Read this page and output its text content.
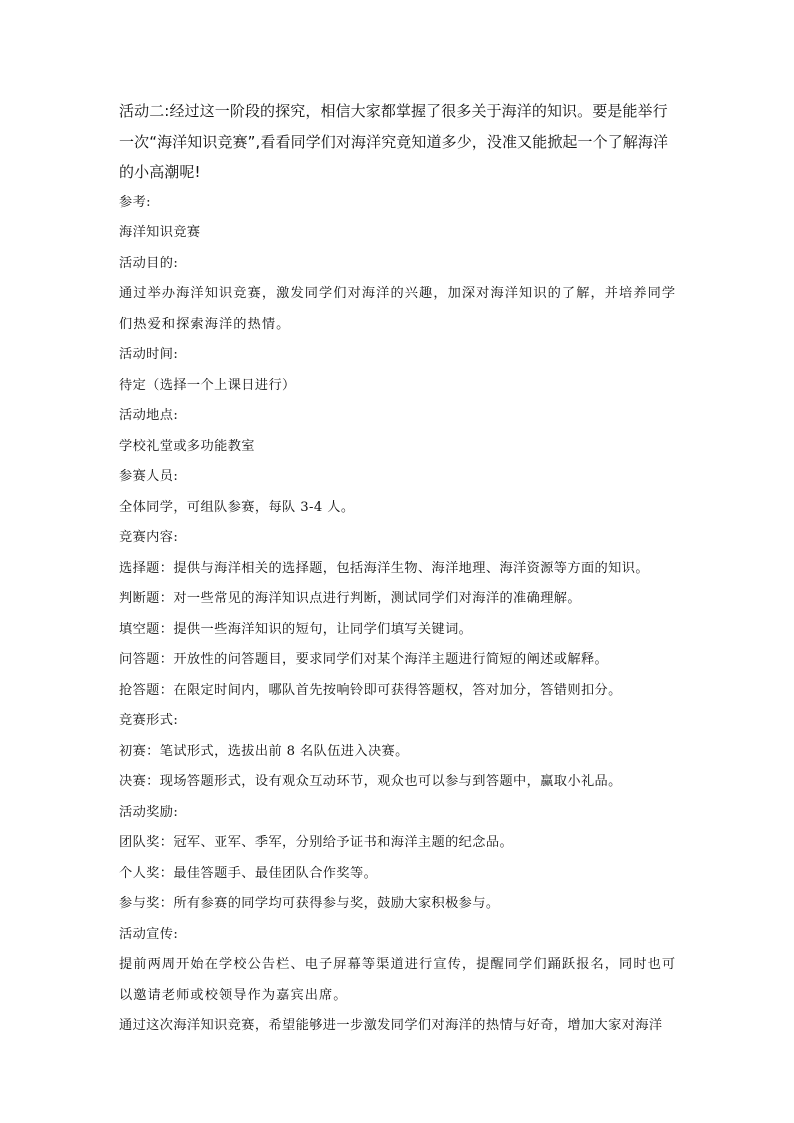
活动二:经过这一阶段的探究，相信大家都掌握了很多关于海洋的知识。要是能举行一次“海洋知识竞赛”,看看同学们对海洋究竟知道多少，没准又能掀起一个了解海洋的小高潮呢!

参考:

海洋知识竞赛

活动目的:

通过举办海洋知识竞赛，激发同学们对海洋的兴趣，加深对海洋知识的了解，并培养同学们热爱和探索海洋的热情。

活动时间:

待定（选择一个上课日进行）

活动地点:

学校礼堂或多功能教室

参赛人员:

全体同学，可组队参赛，每队 3-4 人。

竞赛内容:

选择题：提供与海洋相关的选择题，包括海洋生物、海洋地理、海洋资源等方面的知识。

判断题：对一些常见的海洋知识点进行判断，测试同学们对海洋的准确理解。

填空题：提供一些海洋知识的短句，让同学们填写关键词。

问答题：开放性的问答题目，要求同学们对某个海洋主题进行简短的阐述或解释。

抢答题：在限定时间内，哪队首先按响铃即可获得答题权，答对加分，答错则扣分。

竞赛形式:

初赛：笔试形式，选拔出前 8 名队伍进入决赛。

决赛：现场答题形式，设有观众互动环节，观众也可以参与到答题中，赢取小礼品。

活动奖励:

团队奖：冠军、亚军、季军，分别给予证书和海洋主题的纪念品。

个人奖：最佳答题手、最佳团队合作奖等。

参与奖：所有参赛的同学均可获得参与奖，鼓励大家积极参与。

活动宣传:

提前两周开始在学校公告栏、电子屏幕等渠道进行宣传，提醒同学们踊跃报名，同时也可以邀请老师或校领导作为嘉宾出席。

通过这次海洋知识竞赛，希望能够进一步激发同学们对海洋的热情与好奇，增加大家对海洋
